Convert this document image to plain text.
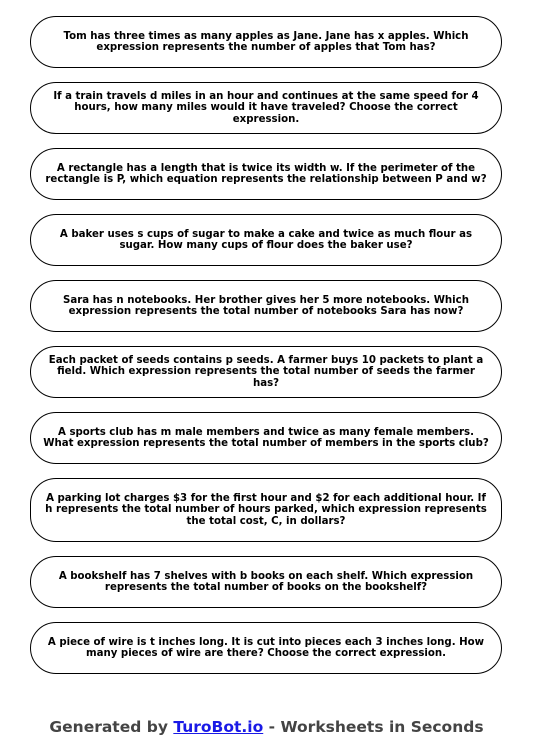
Tom has three times as many apples as Jane. Jane has x apples. Which expression represents the number of apples that Tom has?
If a train travels d miles in an hour and continues at the same speed for 4 hours, how many miles would it have traveled? Choose the correct expression.
A rectangle has a length that is twice its width w. If the perimeter of the rectangle is P, which equation represents the relationship between P and w?
A baker uses s cups of sugar to make a cake and twice as much flour as sugar. How many cups of flour does the baker use?
Sara has n notebooks. Her brother gives her 5 more notebooks. Which expression represents the total number of notebooks Sara has now?
Each packet of seeds contains p seeds. A farmer buys 10 packets to plant a field. Which expression represents the total number of seeds the farmer has?
A sports club has m male members and twice as many female members. What expression represents the total number of members in the sports club?
A parking lot charges $3 for the first hour and $2 for each additional hour. If h represents the total number of hours parked, which expression represents the total cost, C, in dollars?
A bookshelf has 7 shelves with b books on each shelf. Which expression represents the total number of books on the bookshelf?
A piece of wire is t inches long. It is cut into pieces each 3 inches long. How many pieces of wire are there? Choose the correct expression.
Generated by TuroBot.io - Worksheets in Seconds
